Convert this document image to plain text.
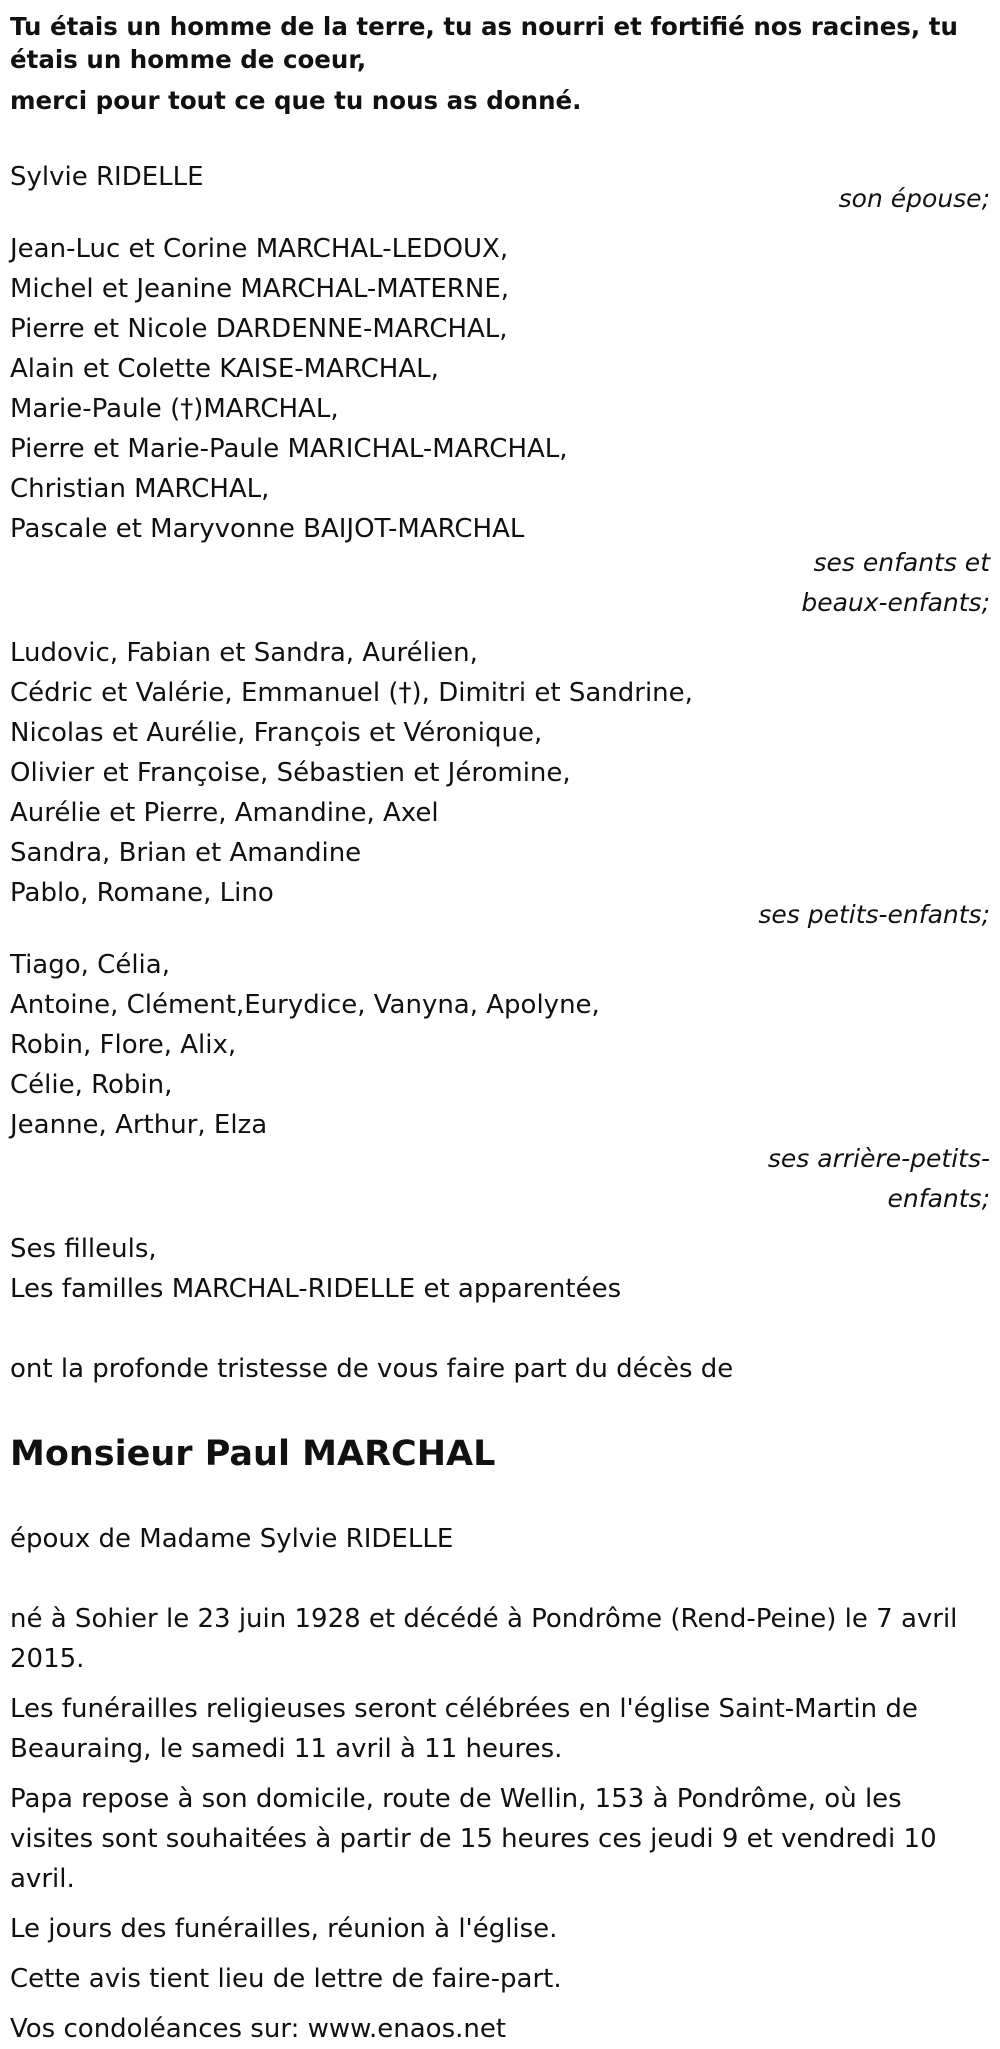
Tu étais un homme de la terre, tu as nourri et fortifié nos racines, tu étais un homme de coeur,

merci pour tout ce que tu nous as donné.

Sylvie RIDELLE

son épouse;

Jean-Luc et Corine MARCHAL-LEDOUX,

Michel et Jeanine MARCHAL-MATERNE,

Pierre et Nicole DARDENNE-MARCHAL,

Alain et Colette KAISE-MARCHAL,

Marie-Paule (†)MARCHAL,

Pierre et Marie-Paule MARICHAL-MARCHAL,

Christian MARCHAL,

Pascale et Maryvonne BAIJOT-MARCHAL

ses enfants et

beaux-enfants;

Ludovic, Fabian et Sandra, Aurélien,

Cédric et Valérie, Emmanuel (†), Dimitri et Sandrine,

Nicolas et Aurélie, François et Véronique,

Olivier et Françoise, Sébastien et Jéromine,

Aurélie et Pierre, Amandine, Axel

Sandra, Brian et Amandine

Pablo, Romane, Lino

ses petits-enfants;

Tiago, Célia,

Antoine, Clément,Eurydice, Vanyna, Apolyne,

Robin, Flore, Alix,

Célie, Robin,

Jeanne, Arthur, Elza

ses arrière-petits-

enfants;

Ses filleuls,

Les familles MARCHAL-RIDELLE et apparentées

ont la profonde tristesse de vous faire part du décès de

Monsieur Paul MARCHAL

époux de Madame Sylvie RIDELLE

né à Sohier le 23 juin 1928 et décédé à Pondrôme (Rend-Peine) le 7 avril 2015.

Les funérailles religieuses seront célébrées en l'église Saint-Martin de Beauraing, le samedi 11 avril à 11 heures.

Papa repose à son domicile, route de Wellin, 153 à Pondrôme, où les visites sont souhaitées à partir de 15 heures ces jeudi 9 et vendredi 10 avril.

Le jours des funérailles, réunion à l'église.

Cette avis tient lieu de lettre de faire-part.

Vos condoléances sur: www.enaos.net
